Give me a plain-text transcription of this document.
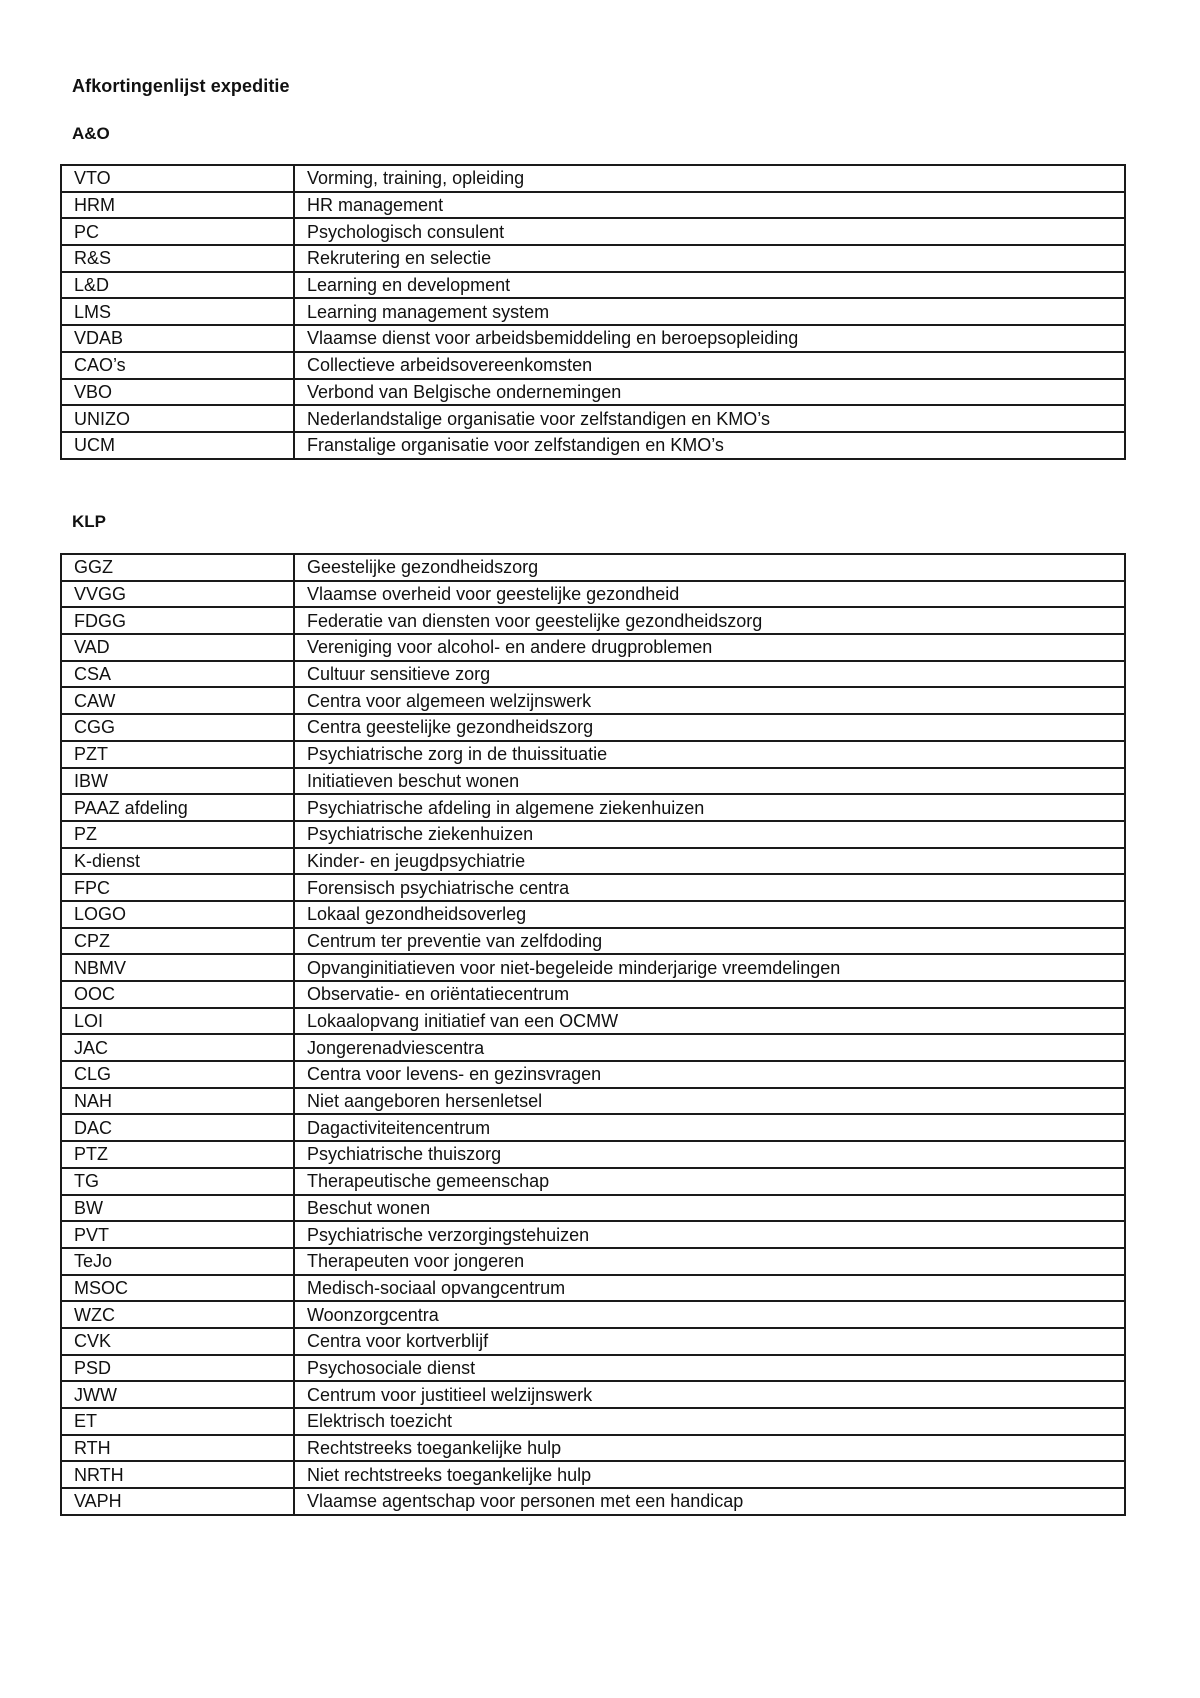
Afkortingenlijst expeditie
A&O
VTO	Vorming, training, opleiding
HRM	HR management
PC	Psychologisch consulent
R&S	Rekrutering en selectie
L&D	Learning en development
LMS	Learning management system
VDAB	Vlaamse dienst voor arbeidsbemiddeling en beroepsopleiding
CAO’s	Collectieve arbeidsovereenkomsten
VBO	Verbond van Belgische ondernemingen
UNIZO	Nederlandstalige organisatie voor zelfstandigen en KMO’s
UCM	Franstalige organisatie voor zelfstandigen en KMO’s
KLP
GGZ	Geestelijke gezondheidszorg
VVGG	Vlaamse overheid voor geestelijke gezondheid
FDGG	Federatie van diensten voor geestelijke gezondheidszorg
VAD	Vereniging voor alcohol- en andere drugproblemen
CSA	Cultuur sensitieve zorg
CAW	Centra voor algemeen welzijnswerk
CGG	Centra geestelijke gezondheidszorg
PZT	Psychiatrische zorg in de thuissituatie
IBW	Initiatieven beschut wonen
PAAZ afdeling	Psychiatrische afdeling in algemene ziekenhuizen
PZ	Psychiatrische ziekenhuizen
K-dienst	Kinder- en jeugdpsychiatrie
FPC	Forensisch psychiatrische centra
LOGO	Lokaal gezondheidsoverleg
CPZ	Centrum ter preventie van zelfdoding
NBMV	Opvanginitiatieven voor niet-begeleide minderjarige vreemdelingen
OOC	Observatie- en oriëntatiecentrum
LOI	Lokaalopvang initiatief van een OCMW
JAC	Jongerenadviescentra
CLG	Centra voor levens- en gezinsvragen
NAH	Niet aangeboren hersenletsel
DAC	Dagactiviteitencentrum
PTZ	Psychiatrische thuiszorg
TG	Therapeutische gemeenschap
BW	Beschut wonen
PVT	Psychiatrische verzorgingstehuizen
TeJo	Therapeuten voor jongeren
MSOC	Medisch-sociaal opvangcentrum
WZC	Woonzorgcentra
CVK	Centra voor kortverblijf
PSD	Psychosociale dienst
JWW	Centrum voor justitieel welzijnswerk
ET	Elektrisch toezicht
RTH	Rechtstreeks toegankelijke hulp
NRTH	Niet rechtstreeks toegankelijke hulp
VAPH	Vlaamse agentschap voor personen met een handicap
